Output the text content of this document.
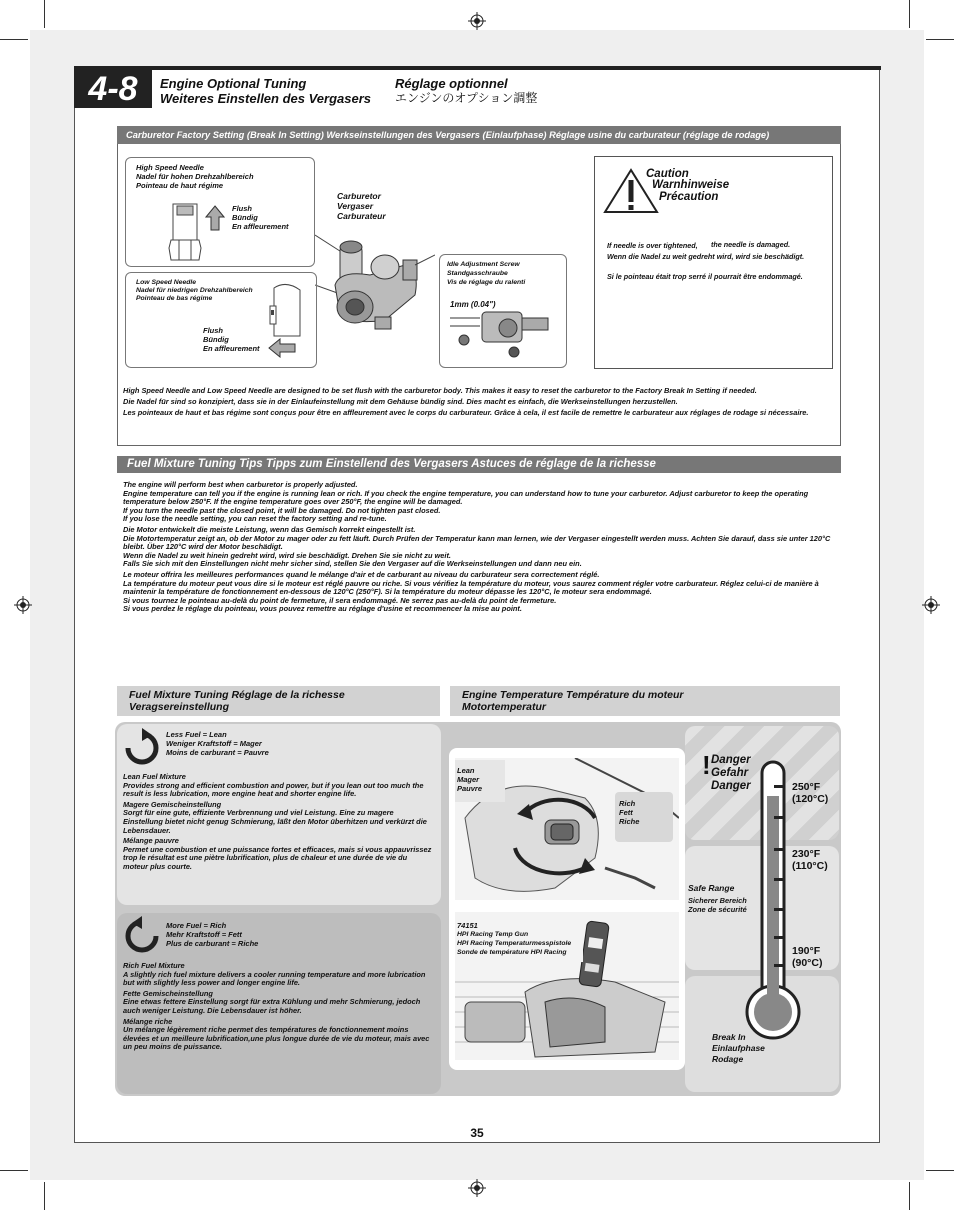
4-8	Engine Optional Tuning
Weiteres Einstellen des Vergasers
Réglage optionnel
エンジンのオプション調整
Carburetor Factory Setting (Break In Setting) Werkseinstellungen des Vergasers (Einlaufphase) Réglage usine du carburateur (réglage de rodage)
High Speed Needle
Nadel für hohen Drehzahlbereich
Pointeau de haut régime
Flush
Bündig
En affleurement
Carburetor
Vergaser
Carburateur
Low Speed Needle
Nadel für niedrigen Drehzahlbereich
Pointeau de bas régime
Flush
Bündig
En affleurement
Idle Adjustment Screw
Standgasschraube
Vis de réglage du ralenti
1mm (0.04")
Caution
Warnhinweise
Précaution
If needle is over tightened, the needle is damaged.
Wenn die Nadel zu weit gedreht wird, wird sie beschädigt.
Si le pointeau était trop serré il pourrait être endommagé.
High Speed Needle and Low Speed Needle are designed to be set flush with the carburetor body. This makes it easy to reset the carburetor to the Factory Break In Setting if needed.
Die Nadel für sind so konzipiert, dass sie in der Einlaufeinstellung mit dem Gehäuse bündig sind. Dies macht es einfach, die Werkseinstellungen herzustellen.
Les pointeaux de haut et bas régime sont conçus pour être en affleurement avec le corps du carburateur. Grâce à cela, il est facile de remettre le carburateur aux réglages de rodage si nécessaire.
Fuel Mixture Tuning Tips Tipps zum Einstellend des Vergasers Astuces de réglage de la richesse
The engine will perform best when carburetor is properly adjusted.
Engine temperature can tell you if the engine is running lean or rich. If you check the engine temperature, you can understand how to tune your carburetor. Adjust carburetor to keep the operating temperature below 250°F. If the engine temperature goes over 250°F, the engine will be damaged.
If you turn the needle past the closed point, it will be damaged. Do not tighten past closed.
If you lose the needle setting, you can reset the factory setting and re-tune.
Die Motor entwickelt die meiste Leistung, wenn das Gemisch korrekt eingestellt ist.
Die Motortemperatur zeigt an, ob der Motor zu mager oder zu fett läuft. Durch Prüfen der Temperatur kann man lernen, wie der Vergaser eingestellt werden muss. Achten Sie darauf, dass sie unter 120°C bleibt. Über 120°C wird der Motor beschädigt.
Wenn die Nadel zu weit hinein gedreht wird, wird sie beschädigt. Drehen Sie sie nicht zu weit.
Falls Sie sich mit den Einstellungen nicht mehr sicher sind, stellen Sie den Vergaser auf die Werkseinstellungen und dann neu ein.
Le moteur offrira les meilleures performances quand le mélange d'air et de carburant au niveau du carburateur sera correctement réglé.
La température du moteur peut vous dire si le moteur est réglé pauvre ou riche. Si vous vérifiez la température du moteur, vous saurez comment régler votre carburateur. Réglez celui-ci de manière à maintenir la température de fonctionnement en-dessous de 120°C (250°F). Si la température du moteur dépasse les 120°C, le moteur sera endommagé.
Si vous tournez le pointeau au-delà du point de fermeture, il sera endommagé. Ne serrez pas au-delà du point de fermeture.
Si vous perdez le réglage du pointeau, vous pouvez remettre au réglage d'usine et recommencer la mise au point.
Fuel Mixture Tuning Réglage de la richesse
Veragsereinstellung
Engine Temperature Température du moteur
Motortemperatur
Less Fuel = Lean
Weniger Kraftstoff = Mager
Moins de carburant = Pauvre
Lean Fuel Mixture
Provides strong and efficient combustion and power, but if you lean out too much the result is less lubrication, more engine heat and shorter engine life.
Magere Gemischeinstellung
Sorgt für eine gute, effiziente Verbrennung und viel Leistung. Eine zu magere Einstellung bietet nicht genug Schmierung, läßt den Motor überhitzen und verkürzt die Lebensdauer.
Mélange pauvre
Permet une combustion et une puissance fortes et efficaces, mais si vous appauvrissez trop le résultat est une piètre lubrification, plus de chaleur et une durée de vie du moteur plus courte.
More Fuel = Rich
Mehr Kraftstoff = Fett
Plus de carburant = Riche
Rich Fuel Mixture
A slightly rich fuel mixture delivers a cooler running temperature and more lubrication but with slightly less power and longer engine life.
Fette Gemischeinstellung
Eine etwas fettere Einstellung sorgt für extra Kühlung und mehr Schmierung, jedoch auch weniger Leistung. Die Lebensdauer ist höher.
Mélange riche
Un mélange légèrement riche permet des températures de fonctionnement moins élevées et un meilleure lubrification,une plus longue durée de vie du moteur, mais avec un peu moins de puissance.
Lean
Mager
Pauvre
Rich
Fett
Riche
74151
HPI Racing Temp Gun
HPI Racing Temperaturmesspistole
Sonde de température HPI Racing
! Danger
Gefahr
Danger	250°F
(120°C)
230°F
(110°C)
190°F
(90°C)
Safe Range
Sicherer Bereich
Zone de sécurité
Break In
Einlaufphase
Rodage
35
